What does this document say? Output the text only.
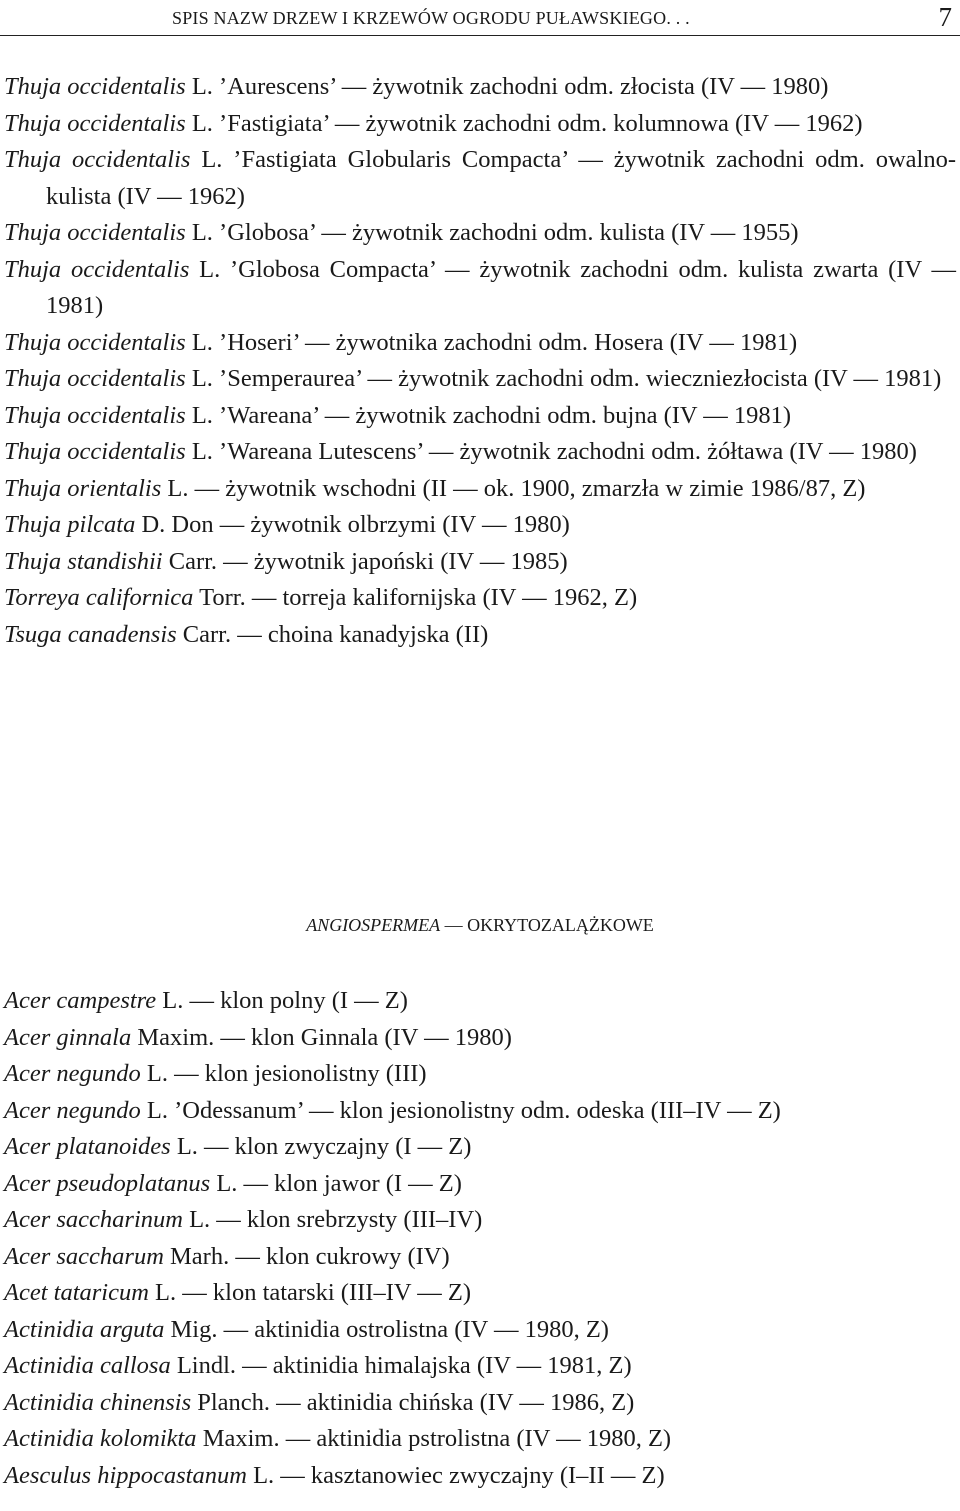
SPIS NAZW DRZEW I KRZEWÓW OGRODU PUŁAWSKIEGO. . .	7
Thuja occidentalis L. ’Aurescens’ — żywotnik zachodni odm. złocista (IV — 1980)
Thuja occidentalis L. ’Fastigiata’ — żywotnik zachodni odm. kolumnowa (IV — 1962)
Thuja occidentalis L. ’Fastigiata Globularis Compacta’ — żywotnik zachodni odm. owalno-kulista (IV — 1962)
Thuja occidentalis L. ’Globosa’ — żywotnik zachodni odm. kulista (IV — 1955)
Thuja occidentalis L. ’Globosa Compacta’ — żywotnik zachodni odm. kulista zwarta (IV — 1981)
Thuja occidentalis L. ’Hoseri’ — żywotnika zachodni odm. Hosera (IV — 1981)
Thuja occidentalis L. ’Semperaurea’ — żywotnik zachodni odm. wieczniezłocista (IV — 1981)
Thuja occidentalis L. ’Wareana’ — żywotnik zachodni odm. bujna (IV — 1981)
Thuja occidentalis L. ’Wareana Lutescens’ — żywotnik zachodni odm. żółtawa (IV — 1980)
Thuja orientalis L. — żywotnik wschodni (II — ok. 1900, zmarzła w zimie 1986/87, Z)
Thuja pilcata D. Don — żywotnik olbrzymi (IV — 1980)
Thuja standishii Carr. — żywotnik japoński (IV — 1985)
Torreya californica Torr. — torreja kalifornijska (IV — 1962, Z)
Tsuga canadensis Carr. — choina kanadyjska (II)
ANGIOSPERMEA — OKRYTOZALĄŻKOWE
Acer campestre L. — klon polny (I — Z)
Acer ginnala Maxim. — klon Ginnala (IV — 1980)
Acer negundo L. — klon jesionolistny (III)
Acer negundo L. ’Odessanum’ — klon jesionolistny odm. odeska (III–IV — Z)
Acer platanoides L. — klon zwyczajny (I — Z)
Acer pseudoplatanus L. — klon jawor (I — Z)
Acer saccharinum L. — klon srebrzysty (III–IV)
Acer saccharum Marh. — klon cukrowy (IV)
Acet tataricum L. — klon tatarski (III–IV — Z)
Actinidia arguta Mig. — aktinidia ostrolistna (IV — 1980, Z)
Actinidia callosa Lindl. — aktinidia himalajska (IV — 1981, Z)
Actinidia chinensis Planch. — aktinidia chińska (IV — 1986, Z)
Actinidia kolomikta Maxim. — aktinidia pstrolistna (IV — 1980, Z)
Aesculus hippocastanum L. — kasztanowiec zwyczajny (I–II — Z)
